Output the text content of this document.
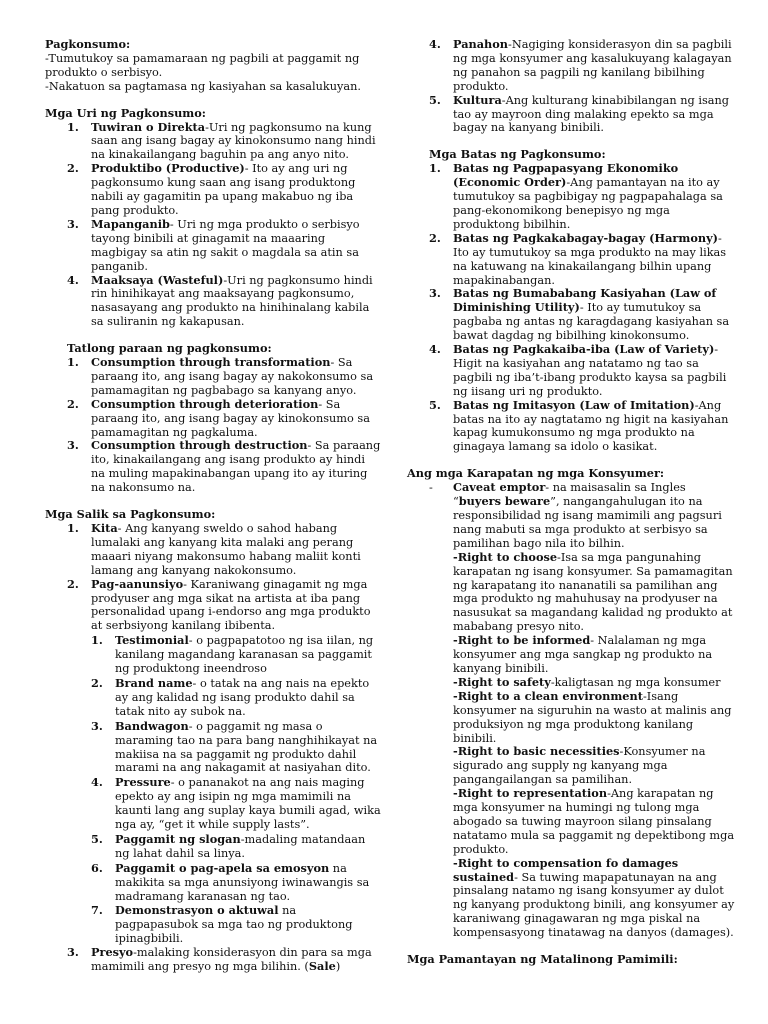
Pagkonsumo:

-Tumutukoy sa pamamaraan ng pagbili at paggamit ng produkto o serbisyo.

-Nakatuon sa pagtamasa ng kasiyahan sa kasalukuyan.

Mga Uri ng Pagkonsumo:

1. Tuwiran o Direkta-Uri ng pagkonsumo na kung saan ang isang bagay ay kinokonsumo nang hindi na kinakailangang baguhin pa ang anyo nito.
2. Produktibo (Productive)- Ito ay ang uri ng pagkonsumo kung saan ang isang produktong nabili ay gagamitin pa upang makabuo ng iba pang produkto.
3. Mapanganib- Uri ng mga produkto o serbisyo tayong binibili at ginagamit na maaaring magbigay sa atin ng sakit o magdala sa atin sa panganib.
4. Maaksaya (Wasteful)-Uri ng pagkonsumo hindi rin hinihikayat ang maaksayang pagkonsumo, nasasayang ang produkto na hinihinalang kabila sa suliranin ng kakapusan.

Tatlong paraan ng pagkonsumo:

1. Consumption through transformation- Sa paraang ito, ang isang bagay ay nakokonsumo sa pamamagitan ng pagbabago sa kanyang anyo.
2. Consumption through deterioration- Sa paraang ito, ang isang bagay ay kinokonsumo sa pamamagitan ng pagkaluma.
3. Consumption through destruction- Sa paraang ito, kinakailangang ang isang produkto ay hindi na muling mapakinabangan upang ito ay ituring na nakonsumo na.

Mga Salik sa Pagkonsumo:

1. Kita- Ang kanyang sweldo o sahod habang lumalaki ang kanyang kita malaki ang perang maaari niyang makonsumo habang maliit konti lamang ang kanyang nakokonsumo.
2. Pag-aanunsiyo- Karaniwang ginagamit ng mga prodyuser ang mga sikat na artista at iba pang personalidad upang i-endorso ang mga produkto at serbsiyong kanilang ibibenta.
1. Testimonial- o pagpapatotoo ng isa iilan, ng kanilang magandang karanasan sa paggamit ng produktong ineendroso
2. Brand name- o tatak na ang nais na epekto ay ang kalidad ng isang produkto dahil sa tatak nito ay subok na.
3. Bandwagon- o paggamit ng masa o maraming tao na para bang nanghihikayat na makiisa na sa paggamit ng produkto dahil marami na ang nakagamit at nasiyahan dito.
4. Pressure- o pananakot na ang nais maging epekto ay ang isipin ng mga mamimili na kaunti lang ang suplay kaya bumili agad, wika nga ay, “get it while supply lasts”.
5. Paggamit ng slogan-madaling matandaan ng lahat dahil sa linya.
6. Paggamit o pag-apela sa emosyon na makikita sa mga anunsiyong iwinawangis sa madramang karanasan ng tao.
7. Demonstrasyon o aktuwal na pagpapasubok sa mga tao ng produktong ipinagbibili.
3. Presyo-malaking konsiderasyon din para sa mga mamimili ang presyo ng mga bilihin. (Sale)
4. Panahon-Nagiging konsiderasyon din sa pagbili ng mga konsyumer ang kasalukuyang kalagayan ng panahon sa pagpili ng kanilang bibilhing produkto.
5. Kultura-Ang kulturang kinabibilangan ng isang tao ay mayroon ding malaking epekto sa mga bagay na kanyang binibili.

Mga Batas ng Pagkonsumo:

1. Batas ng Pagpapasyang Ekonomiko (Economic Order)-Ang pamantayan na ito ay tumutukoy sa pagbibigay ng pagpapahalaga sa pang-ekonomikong benepisyo ng mga produktong bibilhin.
2. Batas ng Pagkakabagay-bagay (Harmony)-Ito ay tumutukoy sa mga produkto na may likas na katuwang na kinakailangang bilhin upang mapakinabangan.
3. Batas ng Bumababang Kasiyahan (Law of Diminishing Utility)- Ito ay tumutukoy sa pagbaba ng antas ng karagdagang kasiyahan sa bawat dagdag ng bibilhing kinokonsumo.
4. Batas ng Pagkakaiba-iba (Law of Variety)- Higit na kasiyahan ang natatamo ng tao sa pagbili ng iba’t-ibang produkto kaysa sa pagbili ng iisang uri ng produkto.
5. Batas ng Imitasyon (Law of Imitation)-Ang batas na ito ay nagtatamo ng higit na kasiyahan kapag kumukonsumo ng mga produkto na ginagaya lamang sa idolo o kasikat.

Ang mga Karapatan ng mga Konsyumer:

- Caveat emptor- na maisasalin sa Ingles “buyers beware”, nangangahulugan ito na responsibilidad ng isang mamimili ang pagsuri nang mabuti sa mga produkto at serbisyo sa pamilihan bago nila ito bilhin.
-Right to choose-Isa sa mga pangunahing karapatan ng isang konsyumer. Sa pamamagitan ng karapatang ito nananatili sa pamilihan ang mga produkto ng mahuhusay na prodyuser na nasusukat sa magandang kalidad ng produkto at mababang presyo nito.
-Right to be informed- Nalalaman ng mga konsyumer ang mga sangkap ng produkto na kanyang binibili.
-Right to safety-kaligtasan ng mga konsumer
-Right to a clean environment-Isang konsyumer na siguruhin na wasto at malinis ang produksiyon ng mga produktong kanilang binibili.
-Right to basic necessities-Konsyumer na sigurado ang supply ng kanyang mga pangangailangan sa pamilihan.
-Right to representation-Ang karapatan ng mga konsyumer na humingi ng tulong mga abogado sa tuwing mayroon silang pinsalang natatamo mula sa paggamit ng depektibong mga produkto.
-Right to compensation fo damages sustained- Sa tuwing mapapatunayan na ang pinsalang natamo ng isang konsyumer ay dulot ng kanyang produktong binili, ang konsyumer ay karaniwang ginagawaran ng mga piskal na kompensasyong tinatawag na danyos (damages).

Mga Pamantayan ng Matalinong Pamimili:
